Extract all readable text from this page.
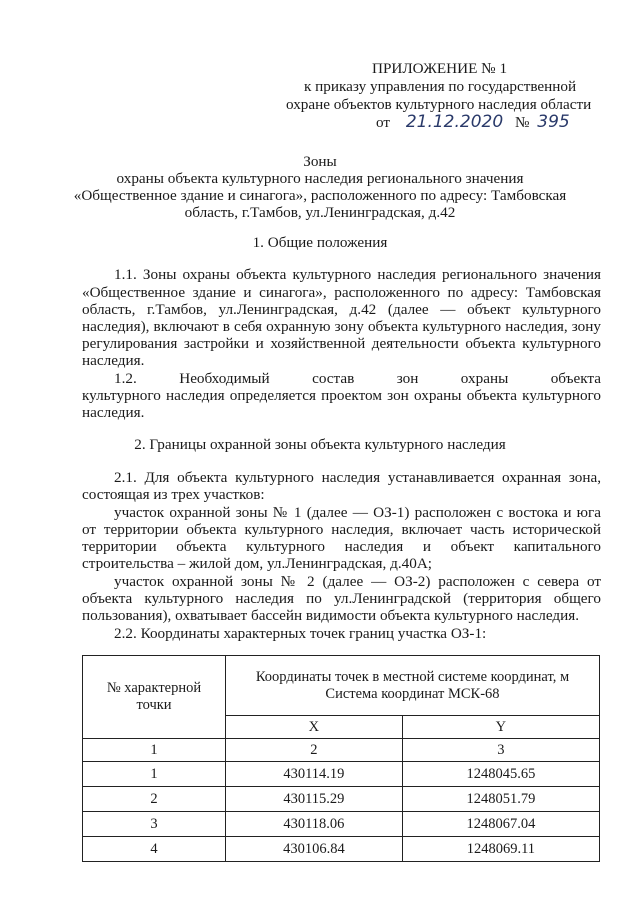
ПРИЛОЖЕНИЕ № 1
к приказу управления по государственной
охране объектов культурного наследия области
от 21.12.2020 № 395
Зоны
охраны объекта культурного наследия регионального значения
«Общественное здание и синагога», расположенного по адресу: Тамбовская
область, г.Тамбов, ул.Ленинградская, д.42
1. Общие положения
1.1. Зоны охраны объекта культурного наследия регионального значения
«Общественное здание и синагога», расположенного по адресу: Тамбовская
область, г.Тамбов, ул.Ленинградская, д.42 (далее — объект культурного
наследия), включают в себя охранную зону объекта культурного наследия, зону
регулирования застройки и хозяйственной деятельности объекта культурного
наследия.
1.2. Необходимый состав зон охраны объекта
культурного наследия определяется проектом зон охраны объекта культурного
наследия.
2. Границы охранной зоны объекта культурного наследия
2.1. Для объекта культурного наследия устанавливается охранная зона,
состоящая из трех участков:
участок охранной зоны № 1 (далее — ОЗ-1) расположен с востока и юга
от территории объекта культурного наследия, включает часть исторической
территории объекта культурного наследия и объект капитального
строительства – жилой дом, ул.Ленинградская, д.40А;
участок охранной зоны № 2 (далее — ОЗ-2) расположен с севера от
объекта культурного наследия по ул.Ленинградской (территория общего
пользования), охватывает бассейн видимости объекта культурного наследия.
2.2. Координаты характерных точек границ участка ОЗ-1:
№ характерной точки	Координаты точек в местной системе координат, м
Система координат МСК-68	

	X	Y
1	2	3
1	430114.19	1248045.65
2	430115.29	1248051.79
3	430118.06	1248067.04
4	430106.84	1248069.11
